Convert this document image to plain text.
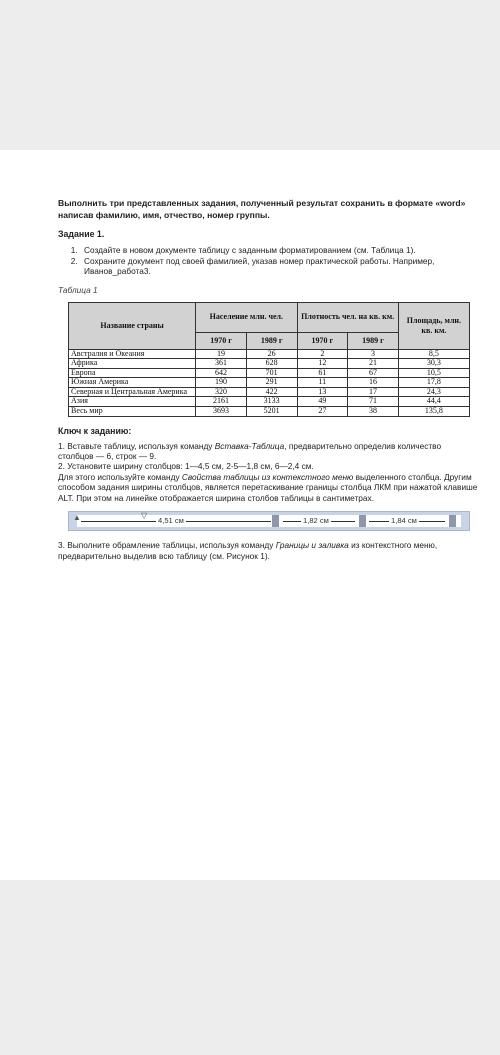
Выполнить три представленных задания, полученный результат сохранить в формате «word» написав фамилию, имя, отчество, номер группы.

Задание 1.
1. Создайте в новом документе таблицу с заданным форматированием (см. Таблица 1).
2. Сохраните документ под своей фамилией, указав номер практической работы. Например, Иванов_работа3.
Таблица 1
Название страны	Население млн. чел.		Плотность чел. на кв. км.		Площадь, млн. кв. км.
	1970 г	1989 г	1970 г	1989 г	
Австралия и Океания	19	26	2	3	8,5
Африка	361	628	12	21	30,3
Европа	642	701	61	67	10,5
Южная Америка	190	291	11	16	17,8
Северная и Центральная Америка	320	422	13	17	24,3
Азия	2161	3133	49	71	44,4
Весь мир	3693	5201	27	38	135,8
Ключ к заданию:

1. Вставьте таблицу, используя команду Вставка-Таблица, предварительно определив количество столбцов — 6, строк — 9.

2. Установите ширину столбцов: 1—4,5 см, 2-5—1,8 см, 6—2,4 см.

Для этого используйте команду Свойства таблицы из контекстного меню выделенного столбца. Другим способом задания ширины столбцов, является перетаскивание границы столбца ЛКМ при нажатой клавише ALT. При этом на линейке отображается ширина столбов таблицы в сантиметрах.

▲	▽
4,51 см	1,82 см	1,84 см

3. Выполните обрамление таблицы, используя команду Границы и заливка из контекстного меню, предварительно выделив всю таблицу (см. Рисунок 1).
